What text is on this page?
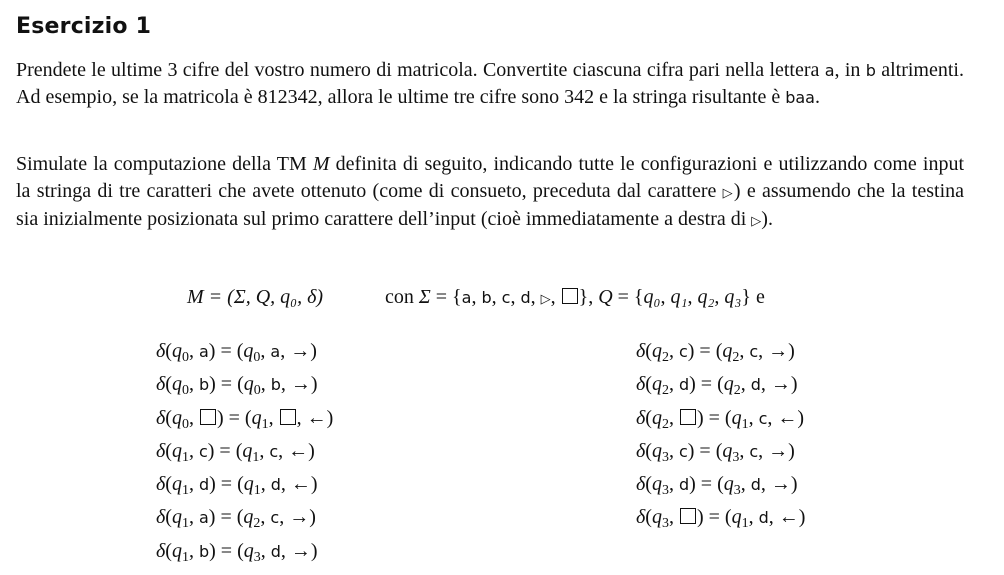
Esercizio 1
Prendete le ultime 3 cifre del vostro numero di matricola. Convertite ciascuna cifra pari nella lettera a, in b altrimenti. Ad esempio, se la matricola è 812342, allora le ultime tre cifre sono 342 e la stringa risultante è baa.
Simulate la computazione della TM M definita di seguito, indicando tutte le configurazioni e utilizzando come input la stringa di tre caratteri che avete ottenuto (come di consueto, preceduta dal carattere ▷) e assumendo che la testina sia inizialmente posizionata sul primo carattere dell’input (cioè immediatamente a destra di ▷).
M = (Σ, Q, q₀, δ)	con Σ = {a, b, c, d, ▷, }, Q = {q₀, q₁, q₂, q₃} e
$\delta(q_0$, $a) = (q_0$, a, →)
$\delta(q_0$, $b) = (q_0$, b, →)
$\delta(q_0$, ) = ($q_1$, , ←)
$\delta(q_1$, $c) = (q_1$, c, ←)
$\delta(q_1$, $d) = (q_1$, d, ←)
$\delta(q_1$, $a) = (q_2$, c, →)
$\delta(q_1$, $b) = (q_3$, d, →)
$\delta(q_2$, $c) = (q_2$, c, →)
$\delta(q_2$, $d) = (q_2$, d, →)
$\delta(q_2$, ) = ($q_1$, c, ←)
$\delta(q_3$, $c) = (q_3$, c, →)
$\delta(q_3$, $d) = (q_3$, d, →)
$\delta(q_3$, ) = ($q_1$, d, ←)
